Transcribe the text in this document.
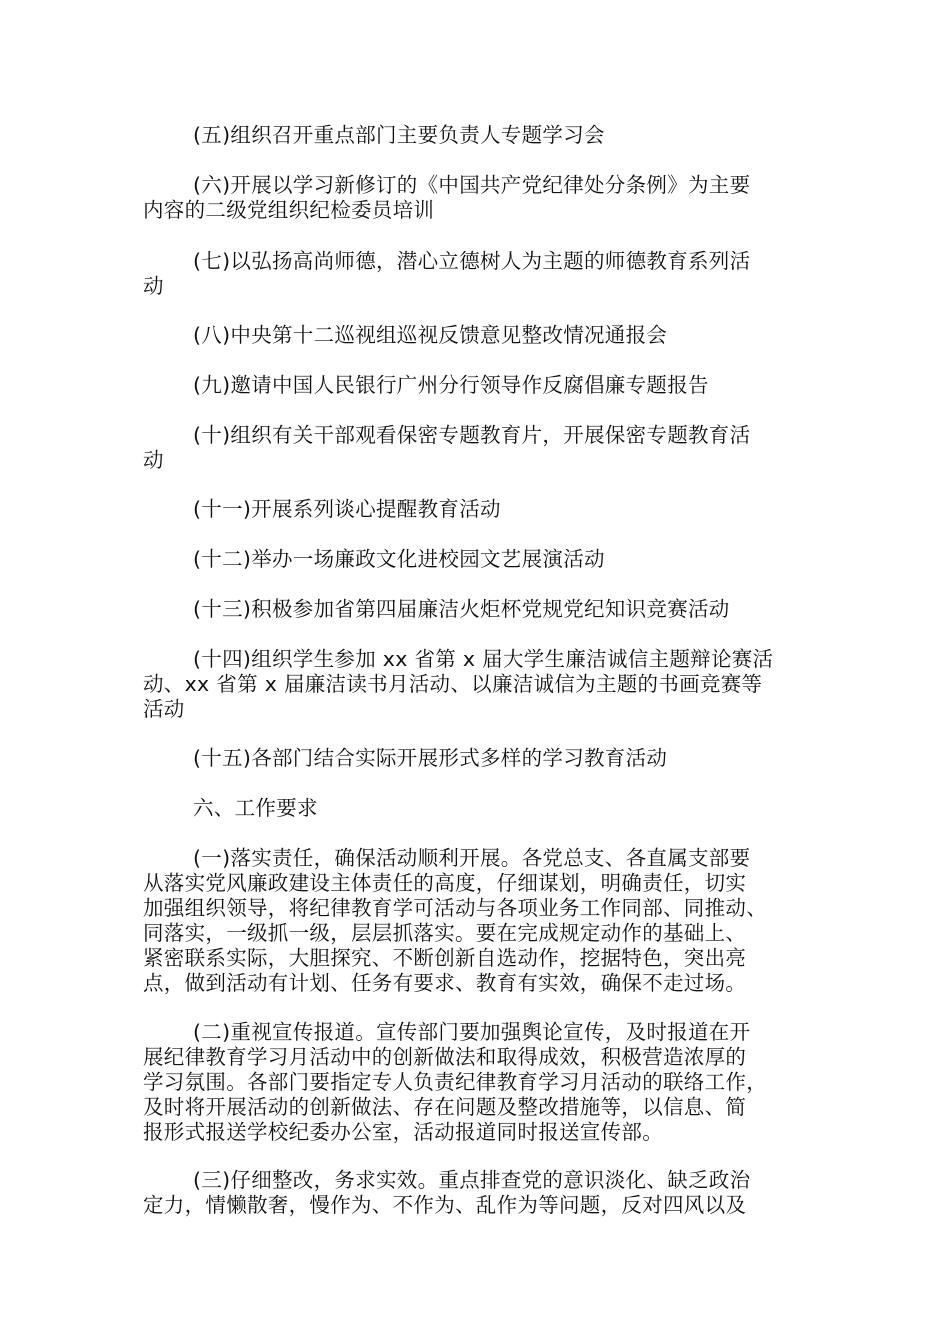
(五)组织召开重点部门主要负责人专题学习会

(六)开展以学习新修订的《中国共产党纪律处分条例》为主要
内容的二级党组织纪检委员培训

(七)以弘扬高尚师德，潜心立德树人为主题的师德教育系列活
动

(八)中央第十二巡视组巡视反馈意见整改情况通报会

(九)邀请中国人民银行广州分行领导作反腐倡廉专题报告

(十)组织有关干部观看保密专题教育片，开展保密专题教育活
动

(十一)开展系列谈心提醒教育活动

(十二)举办一场廉政文化进校园文艺展演活动

(十三)积极参加省第四届廉洁火炬杯党规党纪知识竞赛活动

(十四)组织学生参加 xx 省第 x 届大学生廉洁诚信主题辩论赛活
动、xx 省第 x 届廉洁读书月活动、以廉洁诚信为主题的书画竞赛等
活动

(十五)各部门结合实际开展形式多样的学习教育活动

六、工作要求

(一)落实责任，确保活动顺利开展。各党总支、各直属支部要
从落实党风廉政建设主体责任的高度，仔细谋划，明确责任，切实
加强组织领导，将纪律教育学可活动与各项业务工作同部、同推动、
同落实，一级抓一级，层层抓落实。要在完成规定动作的基础上、
紧密联系实际，大胆探究、不断创新自选动作，挖据特色，突出亮
点，做到活动有计划、任务有要求、教育有实效，确保不走过场。

(二)重视宣传报道。宣传部门要加强舆论宣传，及时报道在开
展纪律教育学习月活动中的创新做法和取得成效，积极营造浓厚的
学习氛围。各部门要指定专人负责纪律教育学习月活动的联络工作，
及时将开展活动的创新做法、存在问题及整改措施等，以信息、简
报形式报送学校纪委办公室，活动报道同时报送宣传部。

(三)仔细整改，务求实效。重点排查党的意识淡化、缺乏政治
定力，情懒散奢，慢作为、不作为、乱作为等问题，反对四风以及
